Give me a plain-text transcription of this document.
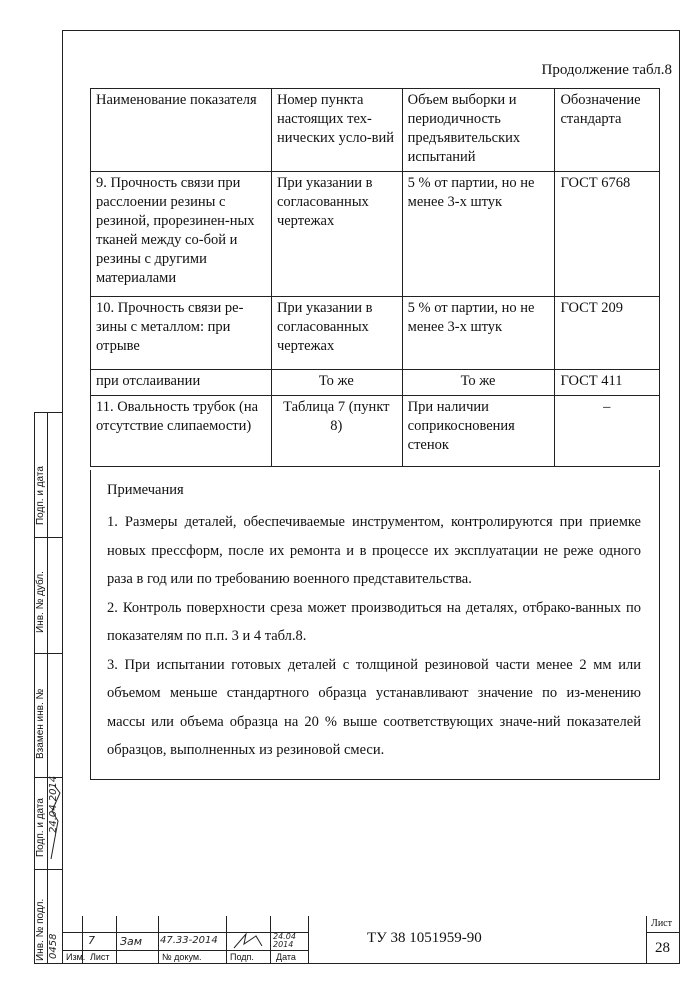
Продолжение табл.8
Наименование показателя	Номер пункта настоящих тех-нических усло-вий	Объем выборки и периодичность предъявительских испытаний	Обозначение стандарта
9. Прочность связи при расслоении резины с резиной, прорезинен-ных тканей между со-бой и резины с другими материалами	При указании в согласованных чертежах	5 % от партии, но не менее 3-х штук	ГОСТ 6768
10. Прочность связи ре-зины с металлом: при отрыве	При указании в согласованных чертежах	5 % от партии, но не менее 3-х штук	ГОСТ 209
при отслаивании	То же	То же	ГОСТ 411
11. Овальность трубок (на отсутствие слипаемости)	Таблица 7 (пункт 8)	При наличии соприкосновения стенок	–
Примечания

1. Размеры деталей, обеспечиваемые инструментом, контролируются при приемке новых прессформ, после их ремонта и в процессе их эксплуатации не реже одного раза в год или по требованию военного представительства.

2. Контроль поверхности среза может производиться на деталях, отбрако-ванных по показателям по п.п. 3 и 4 табл.8.

3. При испытании готовых деталей с толщиной резиновой части менее 2 мм или объемом меньше стандартного образца устанавливают значение по из-менению массы или объема образца на 20 % выше соответствующих значе-ний показателей образцов, выполненных из резиновой смеси.

Подп. и дата
Инв. № дубл.
Взамен инв. №
Подп. и дата
Инв. № подл.
24.04.2014
0458	7 Зам 47.33-2014	24.04 2014
Изм. Лист	№ докум.	Подп. Дата
ТУ 38 1051959-90
Лист
28
